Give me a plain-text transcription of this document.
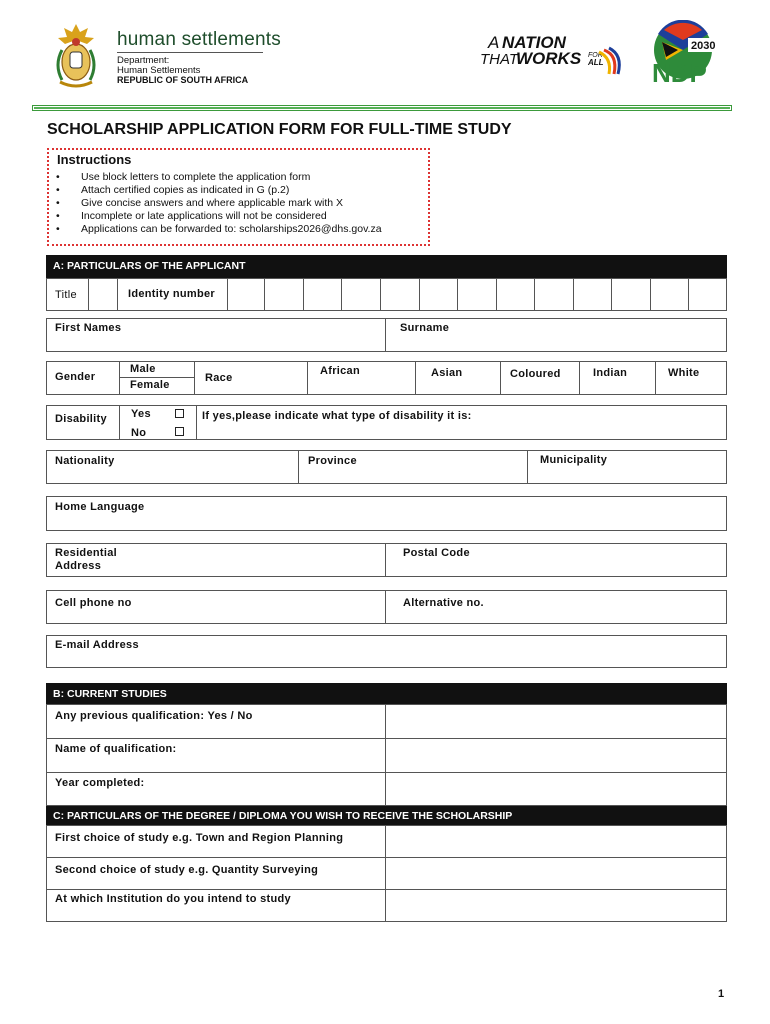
human settlements
Department:
Human Settlements
REPUBLIC OF SOUTH AFRICA
A NATION
THAT
WORKS FOR
ALL
2030
NDP
SCHOLARSHIP APPLICATION FORM FOR FULL-TIME STUDY
Instructions
• Use block letters to complete the application form
• Attach certified copies as indicated in G (p.2)
• Give concise answers and where applicable mark with X
• Incomplete or late applications will not be considered
• Applications can be forwarded to: scholarships2026@dhs.gov.za
A: PARTICULARS OF THE APPLICANT
Title	Identity number
First Names	Surname
Gender
Male
Female
Race
African	Asian	Coloured	Indian	White
Disability Yes
No
If yes,please indicate what type of disability it is:
Nationality	Province	Municipality
Home Language
Residential
Address
Postal Code
Cell phone no	Alternative no.
E-mail Address
B: CURRENT STUDIES
Any previous qualification: Yes / No
Name of qualification:
Year completed:
C: PARTICULARS OF THE DEGREE / DIPLOMA YOU WISH TO RECEIVE THE SCHOLARSHIP
First choice of study e.g. Town and Region Planning
Second choice of study e.g. Quantity Surveying
At which Institution do you intend to study
1
